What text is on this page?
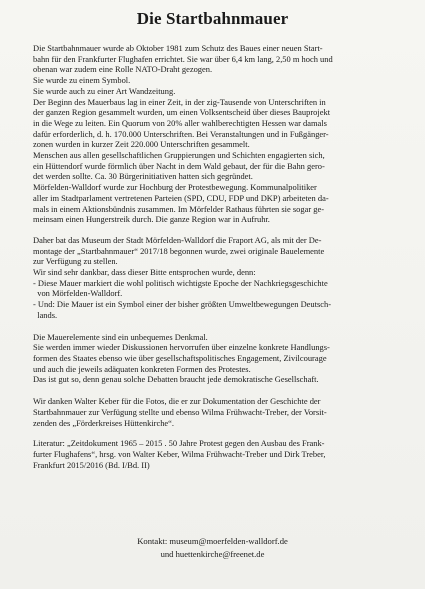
Die Startbahnmauer
Die Startbahnmauer wurde ab Oktober 1981 zum Schutz des Baues einer neuen Start-
bahn für den Frankfurter Flughafen errichtet. Sie war über 6,4 km lang, 2,50 m hoch und
obenan war zudem eine Rolle NATO-Draht gezogen.
Sie wurde zu einem Symbol.
Sie wurde auch zu einer Art Wandzeitung.
Der Beginn des Mauerbaus lag in einer Zeit, in der zig-Tausende von Unterschriften in
der ganzen Region gesammelt wurden, um einen Volksentscheid über dieses Bauprojekt
in die Wege zu leiten. Ein Quorum von 20% aller wahlberechtigten Hessen war damals
dafür erforderlich, d. h. 170.000 Unterschriften. Bei Veranstaltungen und in Fußgänger-
zonen wurden in kurzer Zeit 220.000 Unterschriften gesammelt.
Menschen aus allen gesellschaftlichen Gruppierungen und Schichten engagierten sich,
ein Hüttendorf wurde förmlich über Nacht in dem Wald gebaut, der für die Bahn gero-
det werden sollte. Ca. 30 Bürgerinitiativen hatten sich gegründet.
Mörfelden-Walldorf wurde zur Hochburg der Protestbewegung. Kommunalpolitiker
aller im Stadtparlament vertretenen Parteien (SPD, CDU, FDP und DKP) arbeiteten da-
mals in einem Aktionsbündnis zusammen. Im Mörfelder Rathaus führten sie sogar ge-
meinsam einen Hungerstreik durch. Die ganze Region war in Aufruhr.
Daher bat das Museum der Stadt Mörfelden-Walldorf die Fraport AG, als mit der De-
montage der „Startbahnmauer“ 2017/18 begonnen wurde, zwei originale Bauelemente
zur Verfügung zu stellen.
Wir sind sehr dankbar, dass dieser Bitte entsprochen wurde, denn:
- Diese Mauer markiert die wohl politisch wichtigste Epoche der Nachkriegsgeschichte
von Mörfelden-Walldorf.
- Und: Die Mauer ist ein Symbol einer der bisher größten Umweltbewegungen Deutsch-
lands.
Die Mauerelemente sind ein unbequemes Denkmal.
Sie werden immer wieder Diskussionen hervorrufen über einzelne konkrete Handlungs-
formen des Staates ebenso wie über gesellschaftspolitisches Engagement, Zivilcourage
und auch die jeweils adäquaten konkreten Formen des Protestes.
Das ist gut so, denn genau solche Debatten braucht jede demokratische Gesellschaft.
Wir danken Walter Keber für die Fotos, die er zur Dokumentation der Geschichte der
Startbahnmauer zur Verfügung stellte und ebenso Wilma Frühwacht-Treber, der Vorsit-
zenden des „Förderkreises Hüttenkirche“.
Literatur: „Zeitdokument 1965 – 2015 . 50 Jahre Protest gegen den Ausbau des Frank-
furter Flughafens“, hrsg. von Walter Keber, Wilma Frühwacht-Treber und Dirk Treber,
Frankfurt 2015/2016 (Bd. I/Bd. II)
Kontakt: museum@moerfelden-walldorf.de
und huettenkirche@freenet.de
